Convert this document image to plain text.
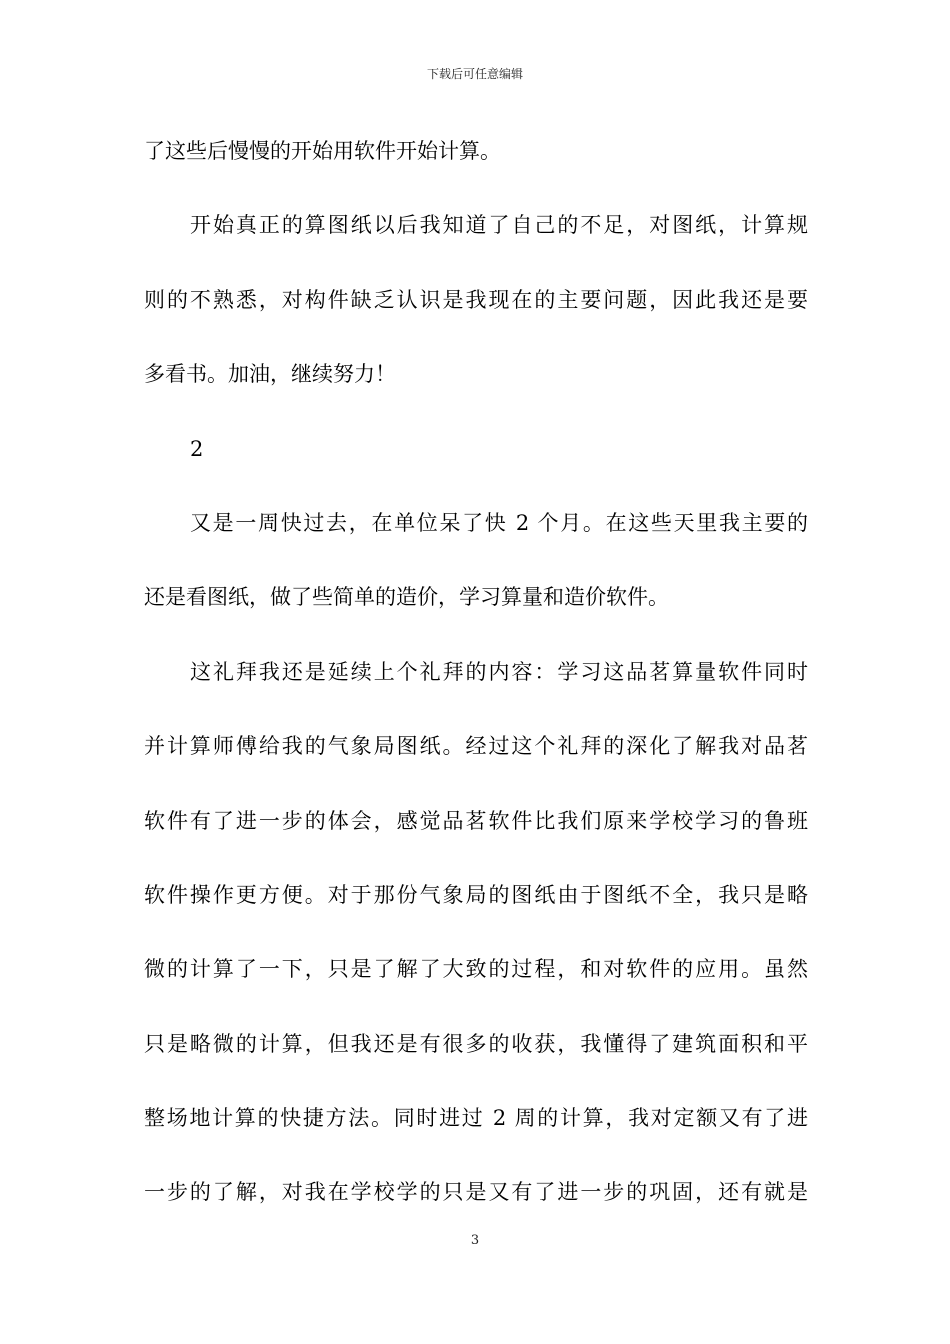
下载后可任意编辑
了这些后慢慢的开始用软件开始计算。
开始真正的算图纸以后我知道了自己的不足，对图纸，计算规
则的不熟悉，对构件缺乏认识是我现在的主要问题，因此我还是要
多看书。加油，继续努力！
2
又是一周快过去，在单位呆了快 2 个月。在这些天里我主要的
还是看图纸，做了些简单的造价，学习算量和造价软件。
这礼拜我还是延续上个礼拜的内容：学习这品茗算量软件同时
并计算师傅给我的气象局图纸。经过这个礼拜的深化了解我对品茗
软件有了进一步的体会，感觉品茗软件比我们原来学校学习的鲁班
软件操作更方便。对于那份气象局的图纸由于图纸不全，我只是略
微的计算了一下，只是了解了大致的过程，和对软件的应用。虽然
只是略微的计算，但我还是有很多的收获，我懂得了建筑面积和平
整场地计算的快捷方法。同时进过 2 周的计算，我对定额又有了进
一步的了解，对我在学校学的只是又有了进一步的巩固，还有就是
3
